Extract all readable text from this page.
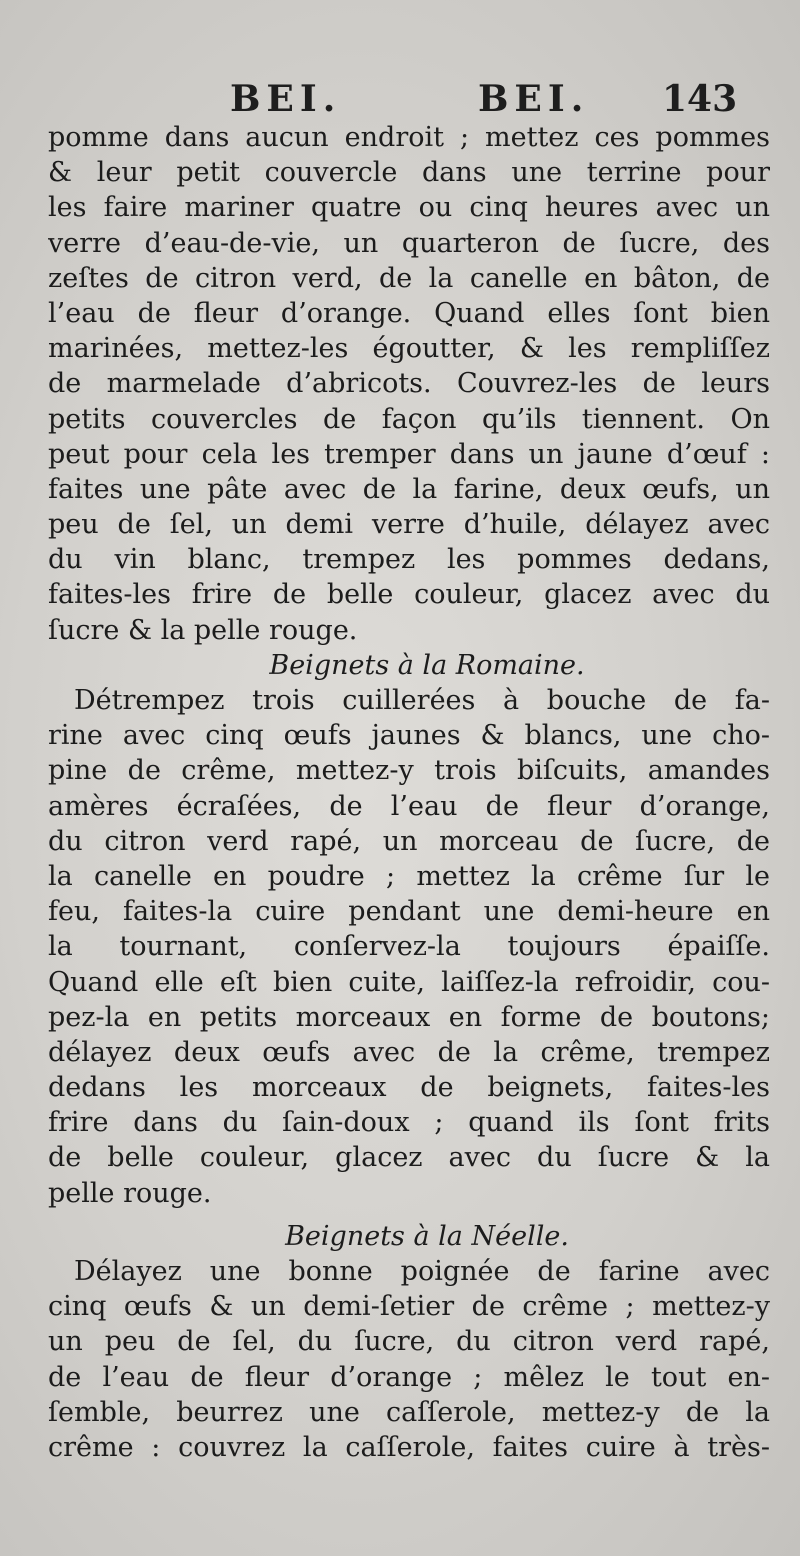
BEI.	BEI. 143
pomme dans aucun endroit ; mettez ces pommes
& leur petit couvercle dans une terrine pour
les faire mariner quatre ou cinq heures avec un
verre d’eau-de-vie, un quarteron de ſucre, des
zeſtes de citron verd, de la canelle en bâton, de
l’eau de fleur d’orange. Quand elles ſont bien
marinées, mettez-les égoutter, & les rempliſſez
de marmelade d’abricots. Couvrez-les de leurs
petits couvercles de façon qu’ils tiennent. On
peut pour cela les tremper dans un jaune d’œuf :
faites une pâte avec de la farine, deux œufs, un
peu de ſel, un demi verre d’huile, délayez avec
du vin blanc, trempez les pommes dedans,
faites-les frire de belle couleur, glacez avec du
ſucre & la pelle rouge.
Beignets à la Romaine.
Détrempez trois cuillerées à bouche de fa-
rine avec cinq œufs jaunes & blancs, une cho-
pine de crême, mettez-y trois biſcuits, amandes
amères écraſées, de l’eau de fleur d’orange,
du citron verd rapé, un morceau de ſucre, de
la canelle en poudre ; mettez la crême ſur le
feu, faites-la cuire pendant une demi-heure en
la tournant, conſervez-la toujours épaiſſe.
Quand elle eſt bien cuite, laiſſez-la refroidir, cou-
pez-la en petits morceaux en forme de boutons;
délayez deux œufs avec de la crême, trempez
dedans les morceaux de beignets, faites-les
frire dans du ſain-doux ; quand ils ſont frits
de belle couleur, glacez avec du ſucre & la
pelle rouge.
Beignets à la Néelle.
Délayez une bonne poignée de farine avec
cinq œufs & un demi-ſetier de crême ; mettez-y
un peu de ſel, du ſucre, du citron verd rapé,
de l’eau de fleur d’orange ; mêlez le tout en-
ſemble, beurrez une caſſerole, mettez-y de la
crême : couvrez la caſſerole, faites cuire à très-
